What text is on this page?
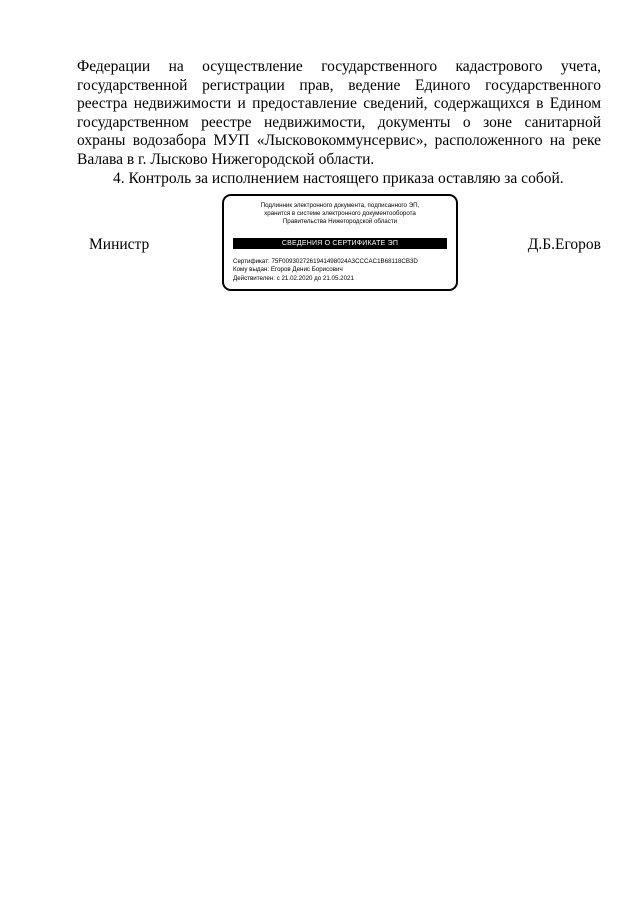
Федерации на осуществление государственного кадастрового учета, государственной регистрации прав, ведение Единого государственного реестра недвижимости и предоставление сведений, содержащихся в Едином государственном реестре недвижимости, документы о зоне санитарной охраны водозабора МУП «Лысковокоммунсервис», расположенного на реке Валава в г. Лысково Нижегородской области.

4. Контроль за исполнением настоящего приказа оставляю за собой.

Министр
Подлинник электронного документа, подписанного ЭП,
хранится в системе электронного документооборота
Правительства Нижегородской области
СВЕДЕНИЯ О СЕРТИФИКАТЕ ЭП
Сертификат: 75F0093027261941498024A3CCCAC1B68118CB3D
Кому выдан: Егоров Денис Борисович
Действителен: с 21.02.2020 до 21.05.2021
Д.Б.Егоров
